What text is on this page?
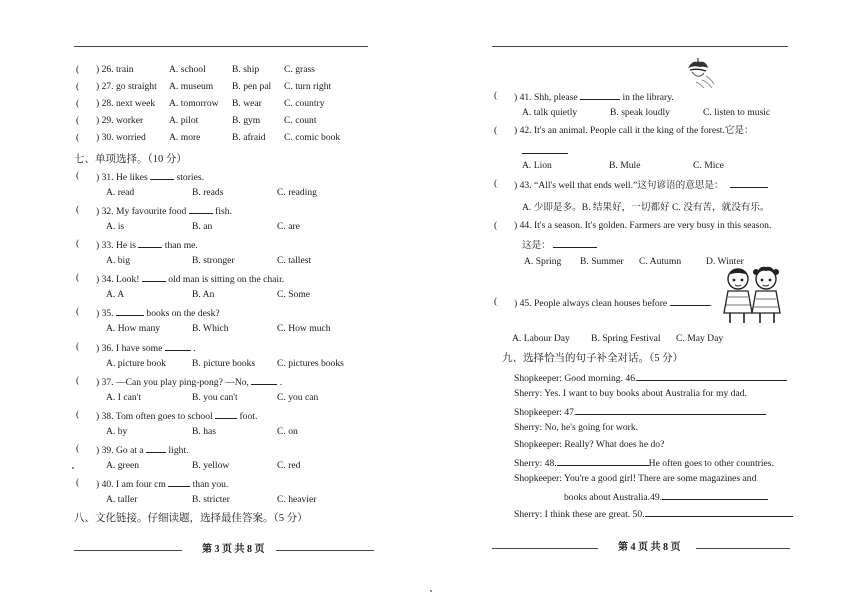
( ) 26. train	A. school	B. ship	C. grass
( ) 27. go straight A. museum B. pen pal C. turn right
( ) 28. next week A. tomorrow B. wear C. country
( ) 29. worker	A. pilot	B. gym C. count
( ) 30. worried A. more	B. afraid C. comic book
七、单项选择。（10 分）
( ) 31. He likes	stories.
A. read	B. reads	C. reading
( ) 32. My favourite food	fish.
A. is	B. an	C. are
( ) 33. He is	than me.
A. big	B. stronger	C. tallest
( ) 34. Look!	old man is sitting on the chair.
A. A	B. An	C. Some
( ) 35.	books on the desk?
A. How many	B. Which	C. How much
( ) 36. I have some	.
A. picture book	B. picture books C. pictures books
( ) 37. —Can you play ping-pong? —No,	.
A. I can't	B. you can't	C. you can
( ) 38. Tom often goes to school	foot.
A. by	B. has	C. on
( ) 39. Go at a	light.
A. green	B. yellow	C. red
( ) 40. I am four cm	than you.
A. taller	B. stricter	C. heavier
八、文化链接。仔细读题，选择最佳答案。（5 分）
第 3 页 共 8 页
( ) 41. Shh, please	in the library.
A. talk quietly	B. speak loudly	C. listen to music
( ) 42. It's an animal. People call it the king of the forest.它是：
A. Lion	B. Mule	C. Mice
( ) 43. “All's well that ends well.”这句谚语的意思是：
A. 少即是多。B. 结果好，一切都好 C. 没有苦，就没有乐。
( ) 44. It's a season. It's golden. Farmers are very busy in this season.
这是：
A. Spring B. Summer C. Autumn	D. Winter
( ) 45. People always clean houses before	.
A. Labour Day B. Spring Festival C. May Day
九、选择恰当的句子补全对话。（5 分）
Shopkeeper: Good morning. 46.
Sherry: Yes. I want to buy books about Australia for my dad.
Shopkeeper: 47.
Sherry: No, he's going for work.
Shopkeeper: Really? What does he do?
Sherry: 48.	He often goes to other countries.
Shopkeeper: You're a good girl! There are some magazines and
books about Australia.49.
Sherry: I think these are great. 50.
第 4 页 共 8 页
